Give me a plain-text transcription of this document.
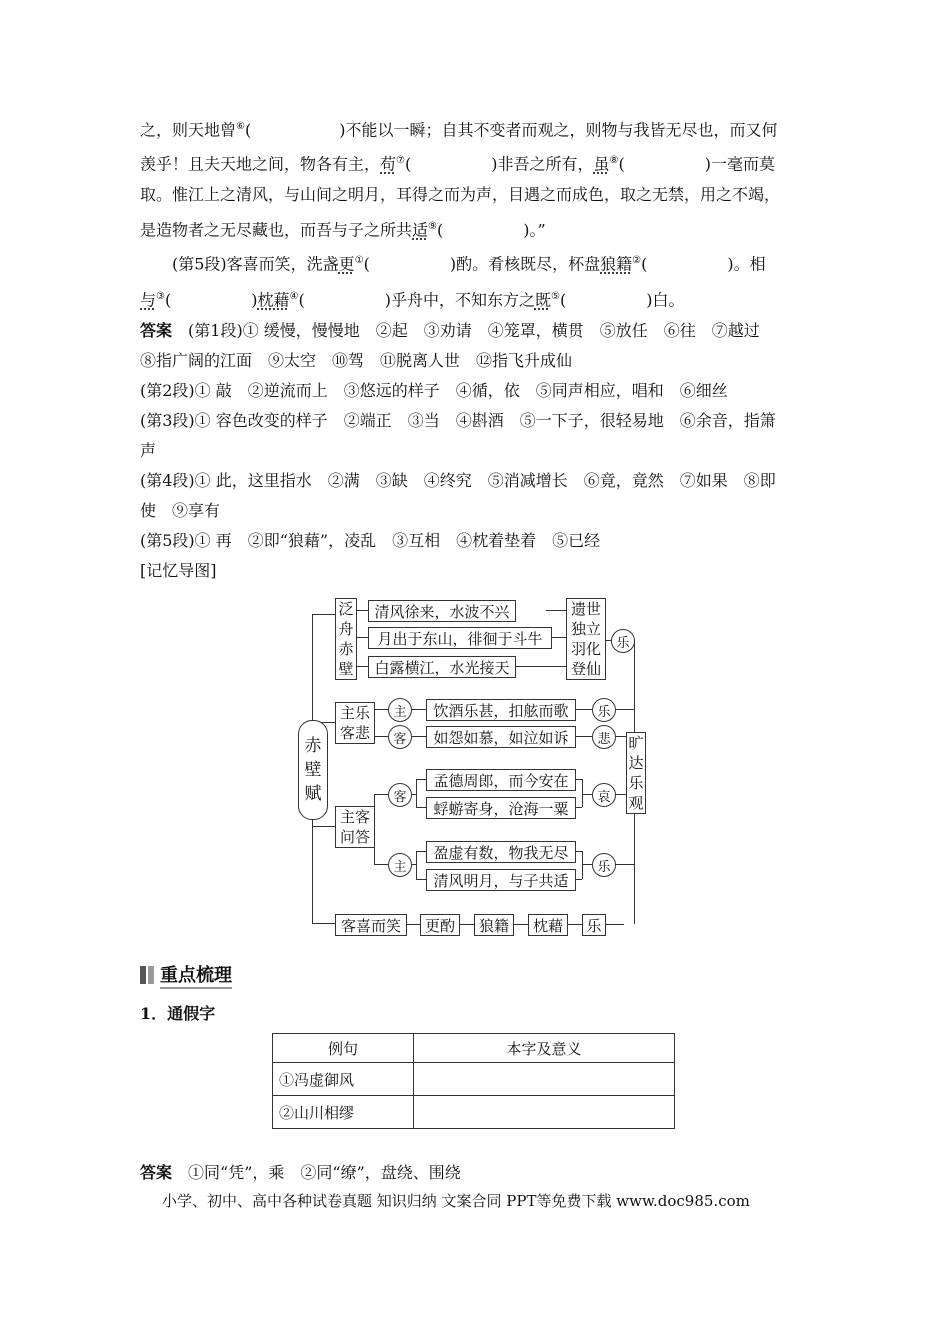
之，则天地曾⑥(	)不能以一瞬；自其不变者而观之，则物与我皆无尽也，而又何
羡乎！且夫天地之间，物各有主，苟⑦(	)非吾之所有，虽⑧(	)一毫而莫
取。惟江上之清风，与山间之明月，耳得之而为声，目遇之而成色，取之无禁，用之不竭，
是造物者之无尽藏也，而吾与子之所共适⑨(	)。”
(第5段)客喜而笑，洗盏更①(	)酌。肴核既尽，杯盘狼籍②(	)。相
与③(	)枕藉④(	)乎舟中，不知东方之既⑤(	)白。
答案　 (第1段)① 缓慢，慢慢地　②起　③劝请　④笼罩，横贯　⑤放任　⑥往　⑦越过
⑧指广阔的江面　⑨太空　⑩驾　⑪脱离人世　⑫指飞升成仙
(第2段)① 敲　②逆流而上　③悠远的样子　④循，依　⑤同声相应，唱和　⑥细丝
(第3段)① 容色改变的样子　②端正　③当　④斟酒　⑤一下子，很轻易地　⑥余音，指箫
声
(第4段)① 此，这里指水　②满　③缺　④终究　⑤消减增长　⑥竟，竟然　⑦如果　⑧即
使　⑨享有
(第5段)① 再　②即“狼藉”，凌乱　③互相　④枕着垫着　⑤已经
[记忆导图]
赤壁赋
泛舟赤壁
清风徐来，水波不兴
月出于东山，徘徊于斗牛
白露横江，水光接天
遗世独立羽化登仙
乐
主乐客悲
主
客
饮酒乐甚，扣舷而歌
如怨如慕，如泣如诉
乐
悲	旷达乐观
主客问答
客
孟德周郎，而今安在
蜉蝣寄身，沧海一粟
哀
主
盈虚有数，物我无尽
清风明月，与子共适
乐
客喜而笑	更酌	狼籍	枕藉	乐
重点梳理
1．通假字
例句	本字及意义
①冯虚御风	
②山川相缪	
答案　 ①同“凭”，乘　②同“缭”，盘绕、围绕
小学、初中、高中各种试卷真题 知识归纳 文案合同 PPT等免费下载 www.doc985.com
